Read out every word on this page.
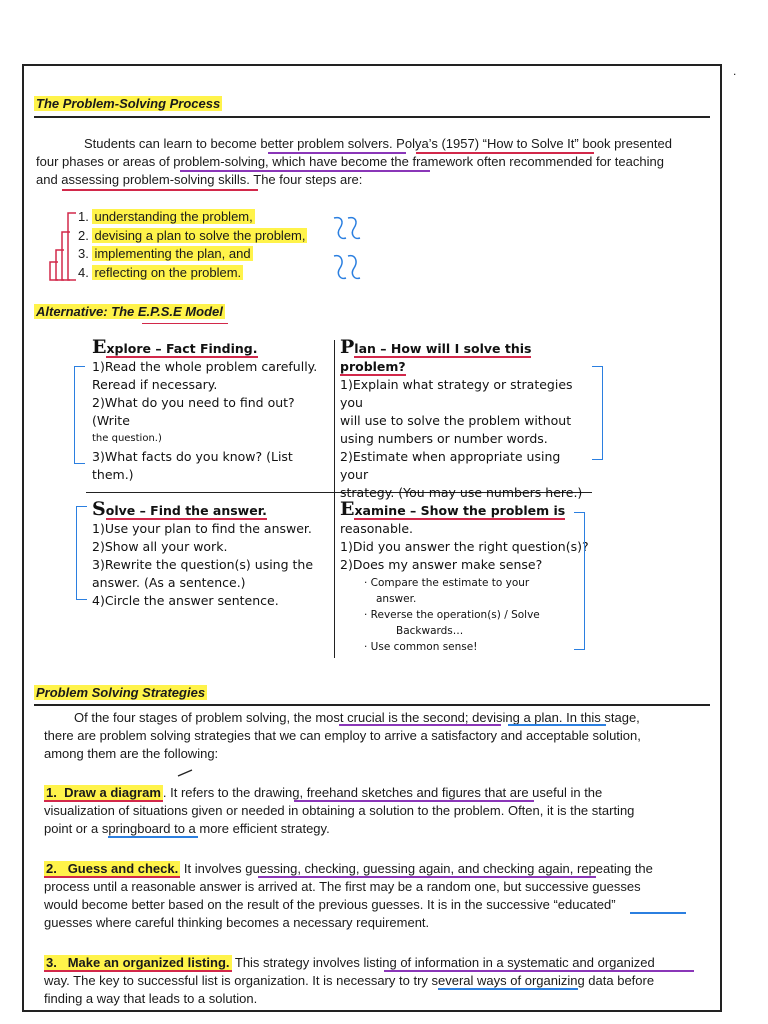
.
The Problem-Solving Process

Students can learn to become better problem solvers. Polya’s (1957) “How to Solve It” book presented

four phases or areas of problem-solving, which have become the framework often recommended for teaching

and assessing problem-solving skills. The four steps are:

1. understanding the problem,
2. devising a plan to solve the problem,
3. implementing the plan, and
4. reflecting on the problem.
Alternative: The E.P.S.E Model
Explore – Fact Finding.
1)Read the whole problem carefully.
Reread if necessary.
2)What do you need to find out? (Write
the question.)
3)What facts do you know? (List
them.)
Plan – How will I solve this problem?
1)Explain what strategy or strategies you
will use to solve the problem without
using numbers or number words.
2)Estimate when appropriate using your
strategy. (You may use numbers here.)
Solve – Find the answer.
1)Use your plan to find the answer.
2)Show all your work.
3)Rewrite the question(s) using the
answer. (As a sentence.)
4)Circle the answer sentence.
Examine – Show the problem is
reasonable.
1)Did you answer the right question(s)?
2)Does my answer make sense?
· Compare the estimate to your
answer.
· Reverse the operation(s) / Solve
Backwards…
· Use common sense!
Problem Solving Strategies

Of the four stages of problem solving, the most crucial is the second; devising a plan. In this stage,

there are problem solving strategies that we can employ to arrive a satisfactory and acceptable solution,

among them are the following:

1. Draw a diagram . It refers to the drawing, freehand sketches and figures that are useful in the

visualization of situations given or needed in obtaining a solution to the problem. Often, it is the starting

point or a springboard to a more efficient strategy.

2. Guess and check. It involves guessing, checking, guessing again, and checking again, repeating the

process until a reasonable answer is arrived at. The first may be a random one, but successive guesses

would become better based on the result of the previous guesses. It is in the successive “educated”

guesses where careful thinking becomes a necessary requirement.

3. Make an organized listing. This strategy involves listing of information in a systematic and organized

way. The key to successful list is organization. It is necessary to try several ways of organizing data before

finding a way that leads to a solution.
